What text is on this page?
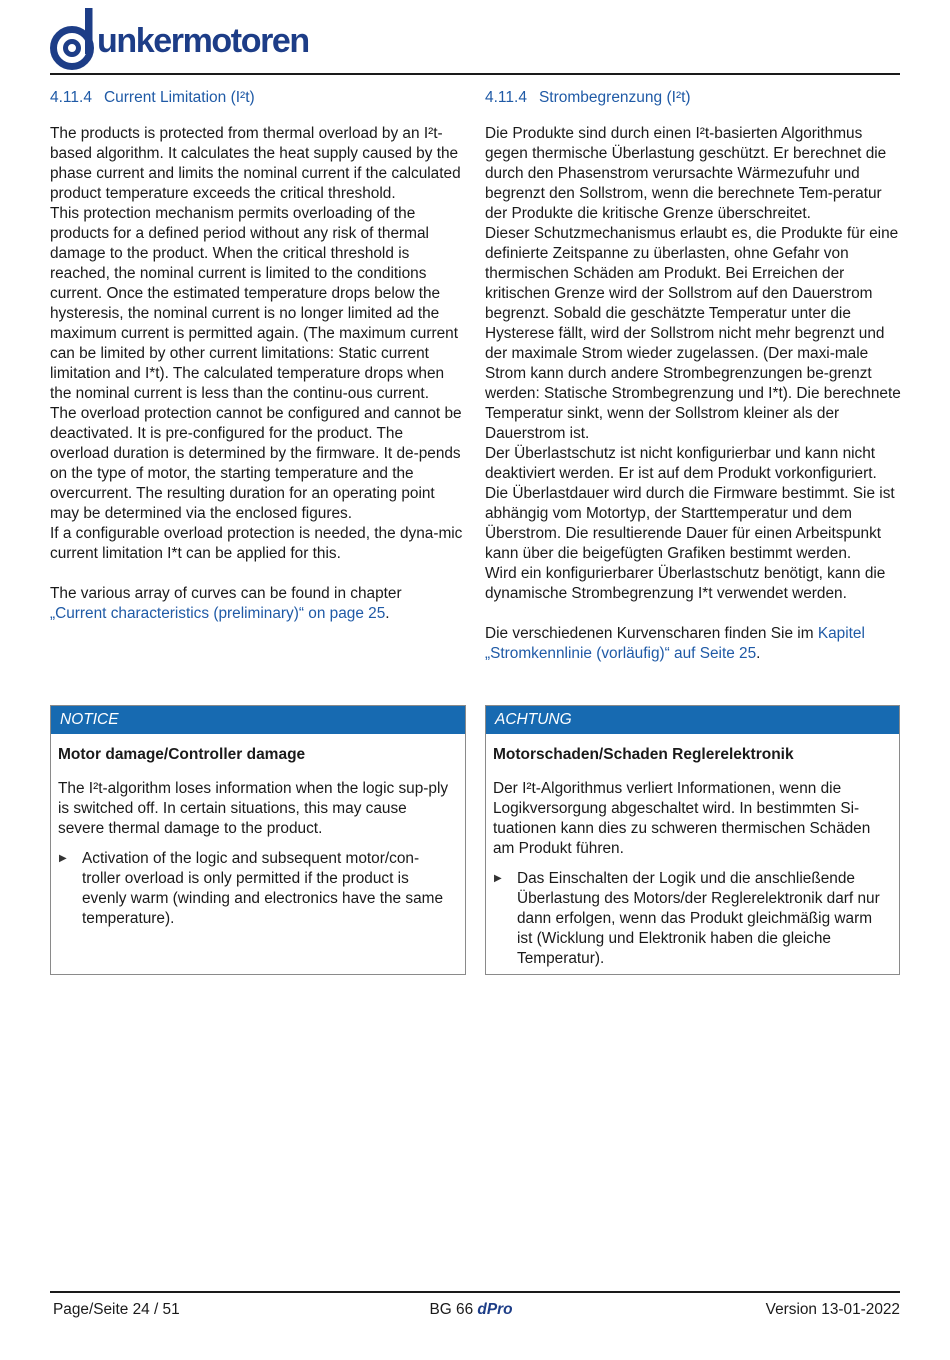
unkermotoren
4.11.4 Current Limitation (I²t)

The products is protected from thermal overload by an I²t-based algorithm. It calculates the heat supply caused by the phase current and limits the nominal current if the calculated product temperature exceeds the critical threshold.

This protection mechanism permits overloading of the products for a defined period without any risk of thermal damage to the product. When the critical threshold is reached, the nominal current is limited to the conditions current. Once the estimated temperature drops below the hysteresis, the nominal current is no longer limited ad the maximum current is permitted again. (The maximum current can be limited by other current limitations: Static current limitation and I*t). The calculated temperature drops when the nominal current is less than the continu-ous current.

The overload protection cannot be configured and cannot be deactivated. It is pre-configured for the product. The overload duration is determined by the firmware. It de-pends on the type of motor, the starting temperature and the overcurrent. The resulting duration for an operating point may be determined via the enclosed figures.

If a configurable overload protection is needed, the dyna-mic current limitation I*t can be applied for this.

The various array of curves can be found in chapter
„Current characteristics (preliminary)“ on page 25.
4.11.4 Strombegrenzung (I²t)

Die Produkte sind durch einen I²t-basierten Algorithmus gegen thermische Überlastung geschützt. Er berechnet die durch den Phasenstrom verursachte Wärmezufuhr und begrenzt den Sollstrom, wenn die berechnete Tem-peratur der Produkte die kritische Grenze überschreitet.

Dieser Schutzmechanismus erlaubt es, die Produkte für eine definierte Zeitspanne zu überlasten, ohne Gefahr von thermischen Schäden am Produkt. Bei Erreichen der kritischen Grenze wird der Sollstrom auf den Dauerstrom begrenzt. Sobald die geschätzte Temperatur unter die Hysterese fällt, wird der Sollstrom nicht mehr begrenzt und der maximale Strom wieder zugelassen. (Der maxi-male Strom kann durch andere Strombegrenzungen be-grenzt werden: Statische Strombegrenzung und I*t). Die berechnete Temperatur sinkt, wenn der Sollstrom kleiner als der Dauerstrom ist.

Der Überlastschutz ist nicht konfigurierbar und kann nicht deaktiviert werden. Er ist auf dem Produkt vorkonfiguriert. Die Überlastdauer wird durch die Firmware bestimmt. Sie ist abhängig vom Motortyp, der Starttemperatur und dem Überstrom. Die resultierende Dauer für einen Arbeitspunkt kann über die beigefügten Grafiken bestimmt werden.

Wird ein konfigurierbarer Überlastschutz benötigt, kann die dynamische Strombegrenzung I*t verwendet werden.

Die verschiedenen Kurvenscharen finden Sie im Kapitel
„Stromkennlinie (vorläufig)“ auf Seite 25.
NOTICE
Motor damage/Controller damage
The I²t-algorithm loses information when the logic sup-ply is switched off. In certain situations, this may cause severe thermal damage to the product.
▶ Activation of the logic and subsequent motor/con-troller overload is only permitted if the product is evenly warm (winding and electronics have the same temperature).
ACHTUNG
Motorschaden/Schaden Reglerelektronik
Der I²t-Algorithmus verliert Informationen, wenn die Logikversorgung abgeschaltet wird. In bestimmten Si-tuationen kann dies zu schweren thermischen Schäden am Produkt führen.
▶ Das Einschalten der Logik und die anschließende Überlastung des Motors/der Reglerelektronik darf nur dann erfolgen, wenn das Produkt gleichmäßig warm ist (Wicklung und Elektronik haben die gleiche Temperatur).
Page/Seite 24 / 51	BG 66 dPro	Version 13-01-2022
